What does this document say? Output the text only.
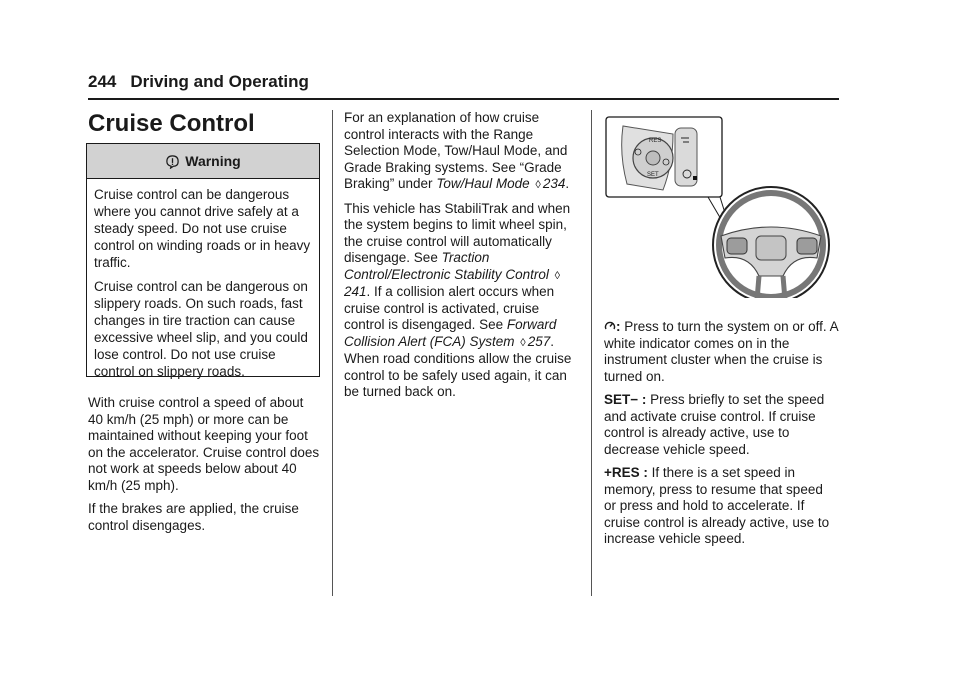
244 Driving and Operating
Cruise Control
Warning

Cruise control can be dangerous where you cannot drive safely at a steady speed. Do not use cruise control on winding roads or in heavy traffic.

Cruise control can be dangerous on slippery roads. On such roads, fast changes in tire traction can cause excessive wheel slip, and you could lose control. Do not use cruise control on slippery roads.

With cruise control a speed of about 40 km/h (25 mph) or more can be maintained without keeping your foot on the accelerator. Cruise control does not work at speeds below about 40 km/h (25 mph).

If the brakes are applied, the cruise control disengages.

For an explanation of how cruise control interacts with the Range Selection Mode, Tow/Haul Mode, and Grade Braking systems. See “Grade Braking” under Tow/Haul Mode ◊ 234.

This vehicle has StabiliTrak and when the system begins to limit wheel spin, the cruise control will automatically disengage. See Traction Control/Electronic Stability Control ◊241. If a collision alert occurs when cruise control is activated, cruise control is disengaged. See Forward Collision Alert (FCA) System ◊ 257. When road conditions allow the cruise control to be safely used again, it can be turned back on.

RES
SET

: Press to turn the system on or off. A white indicator comes on in the instrument cluster when the cruise is turned on.

SET− : Press briefly to set the speed and activate cruise control. If cruise control is already active, use to decrease vehicle speed.

+RES : If there is a set speed in memory, press to resume that speed or press and hold to accelerate. If cruise control is already active, use to increase vehicle speed.
